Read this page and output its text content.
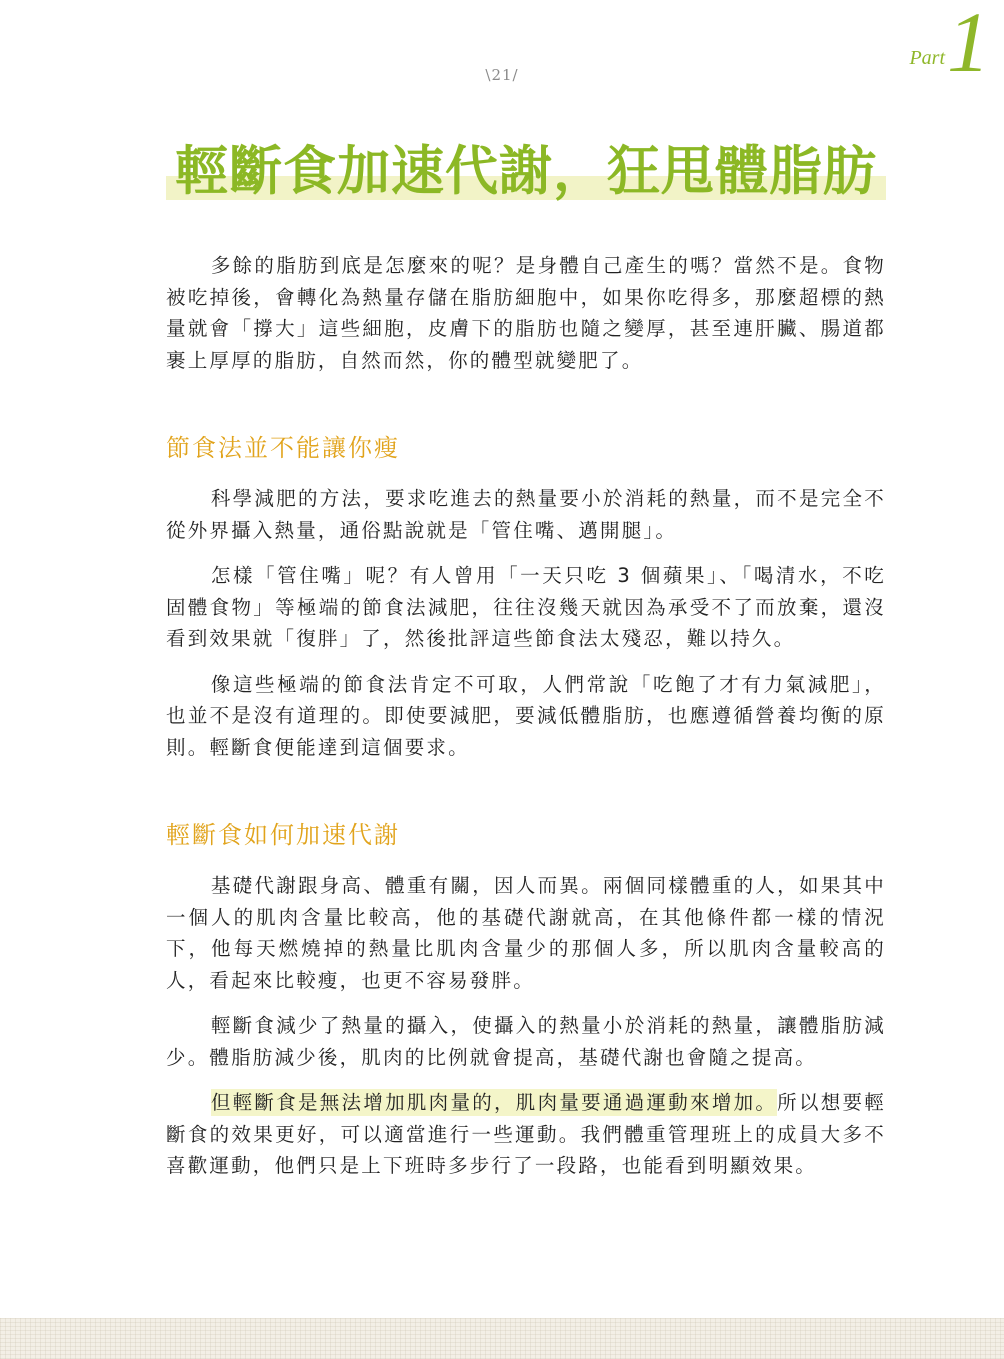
\21/
Part 1
輕斷食加速代謝，狂甩體脂肪

多餘的脂肪到底是怎麼來的呢？是身體自己產生的嗎？當然不是。食物被吃掉後，會轉化為熱量存儲在脂肪細胞中，如果你吃得多，那麼超標的熱量就會「撐大」這些細胞，皮膚下的脂肪也隨之變厚，甚至連肝臟、腸道都裹上厚厚的脂肪，自然而然，你的體型就變肥了。

節食法並不能讓你瘦

科學減肥的方法，要求吃進去的熱量要小於消耗的熱量，而不是完全不從外界攝入熱量，通俗點說就是「管住嘴、邁開腿」。

怎樣「管住嘴」呢？有人曾用「一天只吃 3 個蘋果」、「喝清水，不吃固體食物」等極端的節食法減肥，往往沒幾天就因為承受不了而放棄，還沒看到效果就「復胖」了，然後批評這些節食法太殘忍，難以持久。

像這些極端的節食法肯定不可取，人們常說「吃飽了才有力氣減肥」，也並不是沒有道理的。即使要減肥，要減低體脂肪，也應遵循營養均衡的原則。輕斷食便能達到這個要求。

輕斷食如何加速代謝

基礎代謝跟身高、體重有關，因人而異。兩個同樣體重的人，如果其中一個人的肌肉含量比較高，他的基礎代謝就高，在其他條件都一樣的情況下，他每天燃燒掉的熱量比肌肉含量少的那個人多，所以肌肉含量較高的人，看起來比較瘦，也更不容易發胖。

輕斷食減少了熱量的攝入，使攝入的熱量小於消耗的熱量，讓體脂肪減少。體脂肪減少後，肌肉的比例就會提高，基礎代謝也會隨之提高。

但輕斷食是無法增加肌肉量的，肌肉量要通過運動來增加。所以想要輕斷食的效果更好，可以適當進行一些運動。我們體重管理班上的成員大多不喜歡運動，他們只是上下班時多步行了一段路，也能看到明顯效果。
